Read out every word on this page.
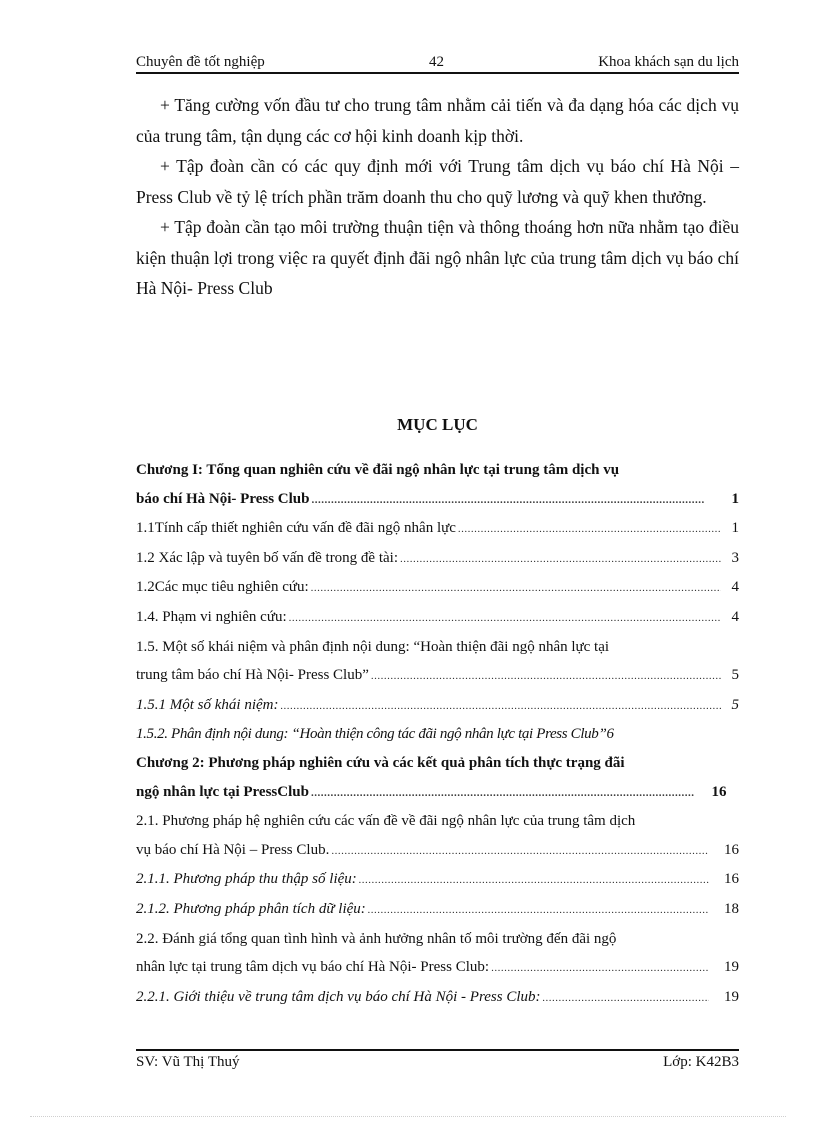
Chuyên đề tốt nghiệp	42	Khoa khách sạn du lịch

+ Tăng cường vốn đầu tư cho trung tâm nhằm cải tiến và đa dạng hóa các dịch vụ của trung tâm, tận dụng các cơ hội kinh doanh kịp thời.

+ Tập đoàn cần có các quy định mới với Trung tâm dịch vụ báo chí Hà Nội – Press Club về tỷ lệ trích phần trăm doanh thu cho quỹ lương và quỹ khen thưởng.

+ Tập đoàn cần tạo môi trường thuận tiện và thông thoáng hơn nữa nhằm tạo điều kiện thuận lợi trong việc ra quyết định đãi ngộ nhân lực của trung tâm dịch vụ báo chí Hà Nội- Press Club

MỤC LỤC
Chương I: Tổng quan nghiên cứu về đãi ngộ nhân lực tại trung tâm dịch vụ
báo chí Hà Nội- Press Club .....	1
1.1Tính cấp thiết nghiên cứu vấn đề đãi ngộ nhân lực .....	1
1.2 Xác lập và tuyên bố vấn đề trong đề tài: .....	3
1.2Các mục tiêu nghiên cứu: .....	4
1.4. Phạm vi nghiên cứu: .....	4
1.5. Một số khái niệm và phân định nội dung: “Hoàn thiện đãi ngộ nhân lực tại
trung tâm báo chí Hà Nội- Press Club” .....	5
1.5.1 Một số khái niệm: .....	5
1.5.2. Phân định nội dung: “Hoàn thiện công tác đãi ngộ nhân lực tại Press Club” 6
Chương 2: Phương pháp nghiên cứu và các kết quả phân tích thực trạng đãi
ngộ nhân lực tại PressClub .....	16
2.1. Phương pháp hệ nghiên cứu các vấn đề về đãi ngộ nhân lực của trung tâm dịch
vụ báo chí Hà Nội – Press Club. .....	16
2.1.1. Phương pháp thu thập số liệu: .....	16
2.1.2. Phương pháp phân tích dữ liệu: .....	18
2.2. Đánh giá tổng quan tình hình và ảnh hưởng nhân tố môi trường đến đãi ngộ
nhân lực tại trung tâm dịch vụ báo chí Hà Nội- Press Club: .....	19
2.2.1. Giới thiệu về trung tâm dịch vụ báo chí Hà Nội - Press Club: .....	19
SV: Vũ Thị Thuý	Lớp: K42B3
